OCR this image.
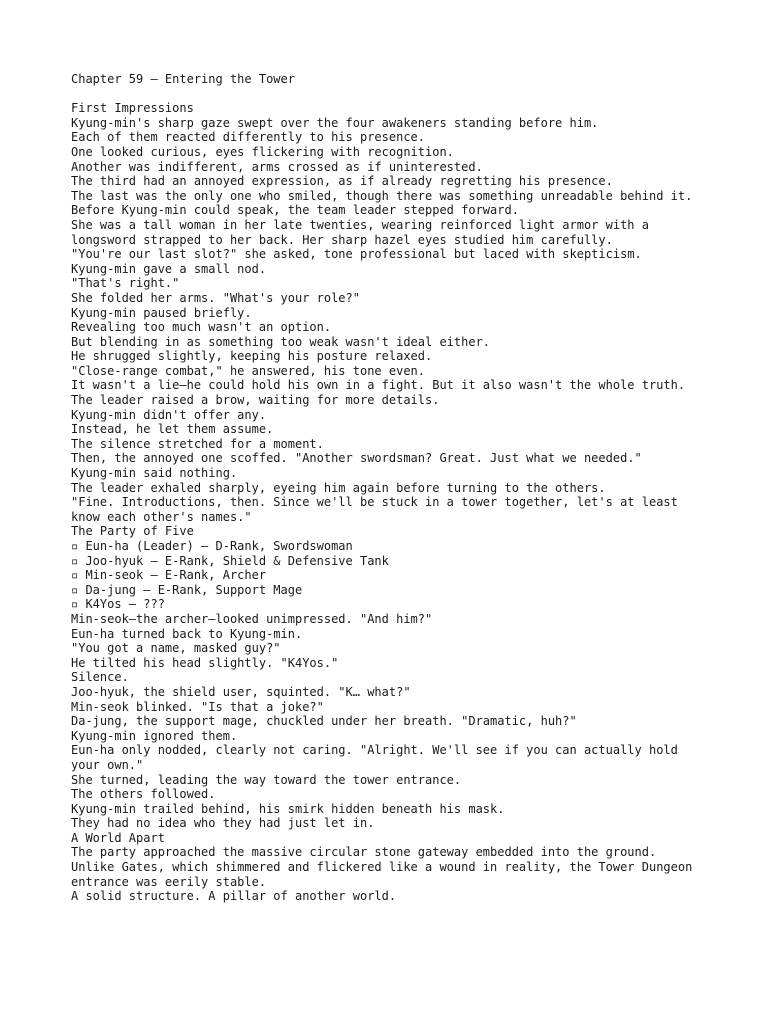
Chapter 59 – Entering the Tower

First Impressions

Kyung-min's sharp gaze swept over the four awakeners standing before him.

Each of them reacted differently to his presence.

One looked curious, eyes flickering with recognition.

Another was indifferent, arms crossed as if uninterested.

The third had an annoyed expression, as if already regretting his presence.

The last was the only one who smiled, though there was something unreadable behind it.

Before Kyung-min could speak, the team leader stepped forward.

She was a tall woman in her late twenties, wearing reinforced light armor with a longsword strapped to her back. Her sharp hazel eyes studied him carefully.

"You're our last slot?" she asked, tone professional but laced with skepticism.

Kyung-min gave a small nod.

"That's right."

She folded her arms. "What's your role?"

Kyung-min paused briefly.

Revealing too much wasn't an option.

But blending in as something too weak wasn't ideal either.

He shrugged slightly, keeping his posture relaxed.

"Close-range combat," he answered, his tone even.

It wasn't a lie—he could hold his own in a fight. But it also wasn't the whole truth.

The leader raised a brow, waiting for more details.

Kyung-min didn't offer any.

Instead, he let them assume.

The silence stretched for a moment.

Then, the annoyed one scoffed. "Another swordsman? Great. Just what we needed."

Kyung-min said nothing.

The leader exhaled sharply, eyeing him again before turning to the others.

"Fine. Introductions, then. Since we'll be stuck in a tower together, let's at least know each other's names."

The Party of Five

▫ Eun-ha (Leader) – D-Rank, Swordswoman

▫ Joo-hyuk – E-Rank, Shield & Defensive Tank

▫ Min-seok – E-Rank, Archer

▫ Da-jung – E-Rank, Support Mage

▫ K4Yos – ???

Min-seok—the archer—looked unimpressed. "And him?"

Eun-ha turned back to Kyung-min.

"You got a name, masked guy?"

He tilted his head slightly. "K4Yos."

Silence.

Joo-hyuk, the shield user, squinted. "K… what?"

Min-seok blinked. "Is that a joke?"

Da-jung, the support mage, chuckled under her breath. "Dramatic, huh?"

Kyung-min ignored them.

Eun-ha only nodded, clearly not caring. "Alright. We'll see if you can actually hold your own."

She turned, leading the way toward the tower entrance.

The others followed.

Kyung-min trailed behind, his smirk hidden beneath his mask.

They had no idea who they had just let in.

A World Apart

The party approached the massive circular stone gateway embedded into the ground.

Unlike Gates, which shimmered and flickered like a wound in reality, the Tower Dungeon entrance was eerily stable.

A solid structure. A pillar of another world.
